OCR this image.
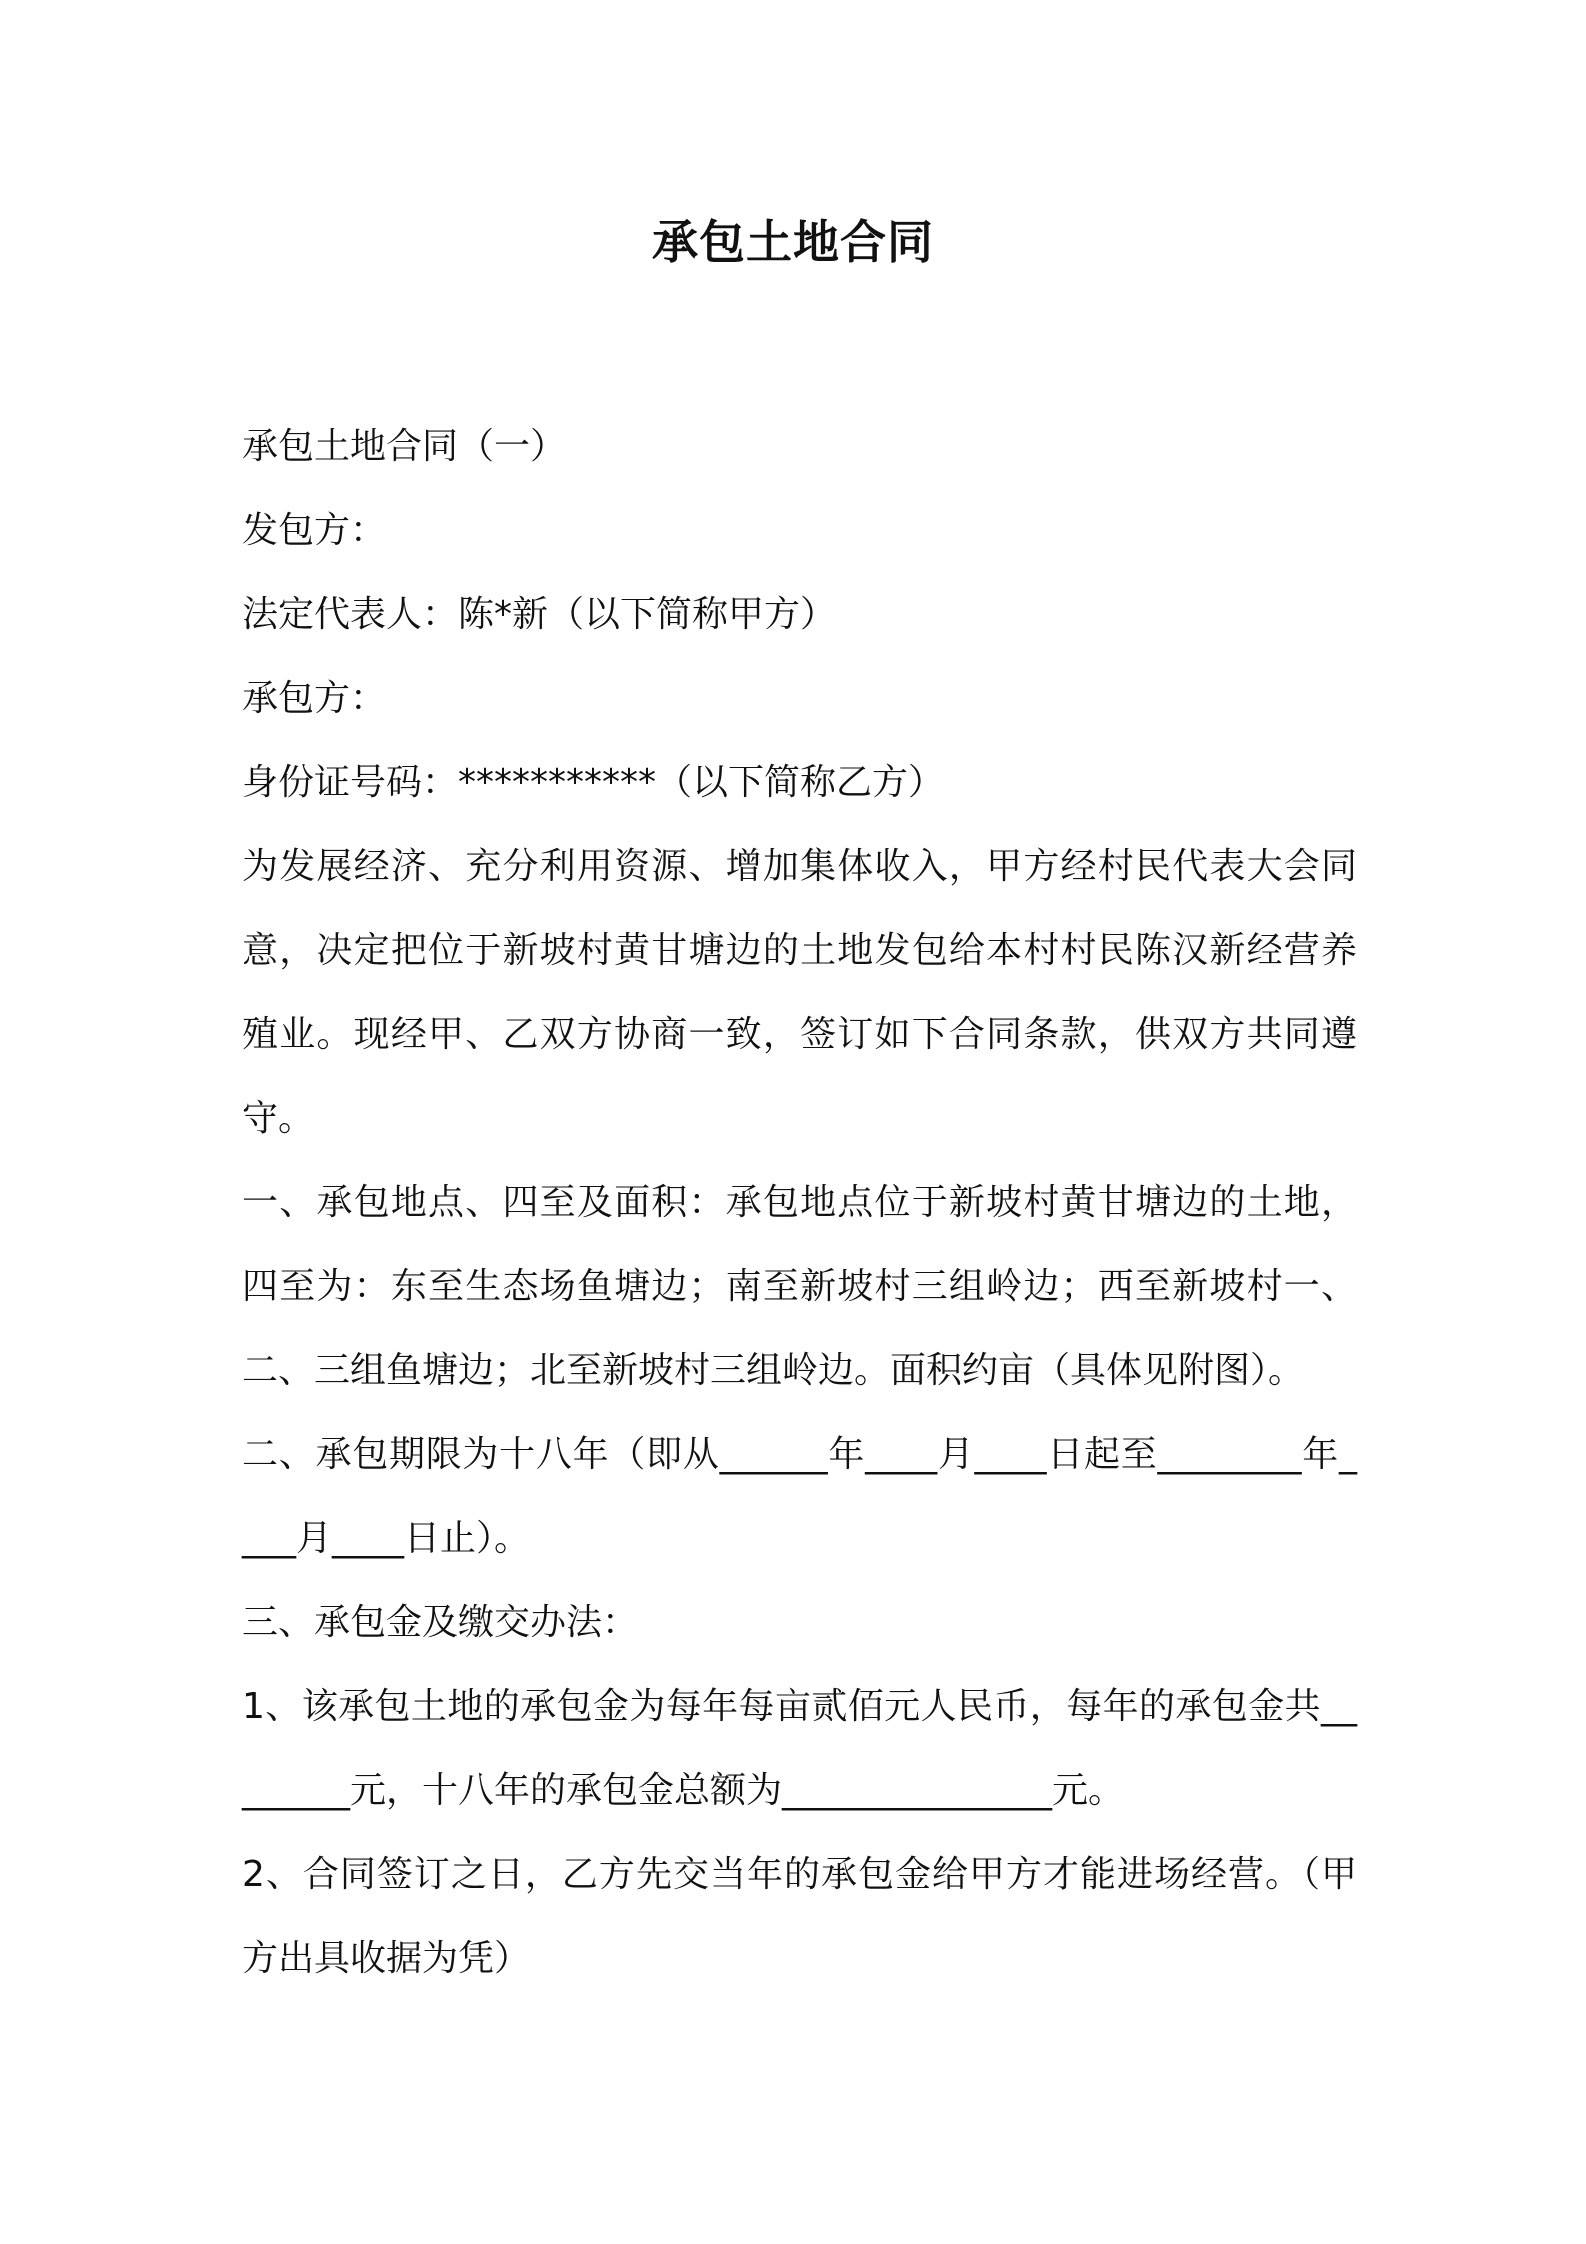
承包土地合同

承包土地合同（一）

发包方：

法定代表人：陈*新（以下简称甲方）

承包方：

身份证号码：***********（以下简称乙方）

为发展经济、充分利用资源、增加集体收入，甲方经村民代表大会同意，决定把位于新坡村黄甘塘边的土地发包给本村村民陈汉新经营养殖业。现经甲、乙双方协商一致，签订如下合同条款，供双方共同遵守。

一、承包地点、四至及面积：承包地点位于新坡村黄甘塘边的土地，四至为：东至生态场鱼塘边；南至新坡村三组岭边；西至新坡村一、二、三组鱼塘边；北至新坡村三组岭边。面积约亩（具体见附图）。

二、承包期限为十八年（即从______年____月____日起至________年____月____日止）。

三、承包金及缴交办法：

1、该承包土地的承包金为每年每亩贰佰元人民币，每年的承包金共________元，十八年的承包金总额为_______________元。

2、合同签订之日，乙方先交当年的承包金给甲方才能进场经营。（甲方出具收据为凭）
